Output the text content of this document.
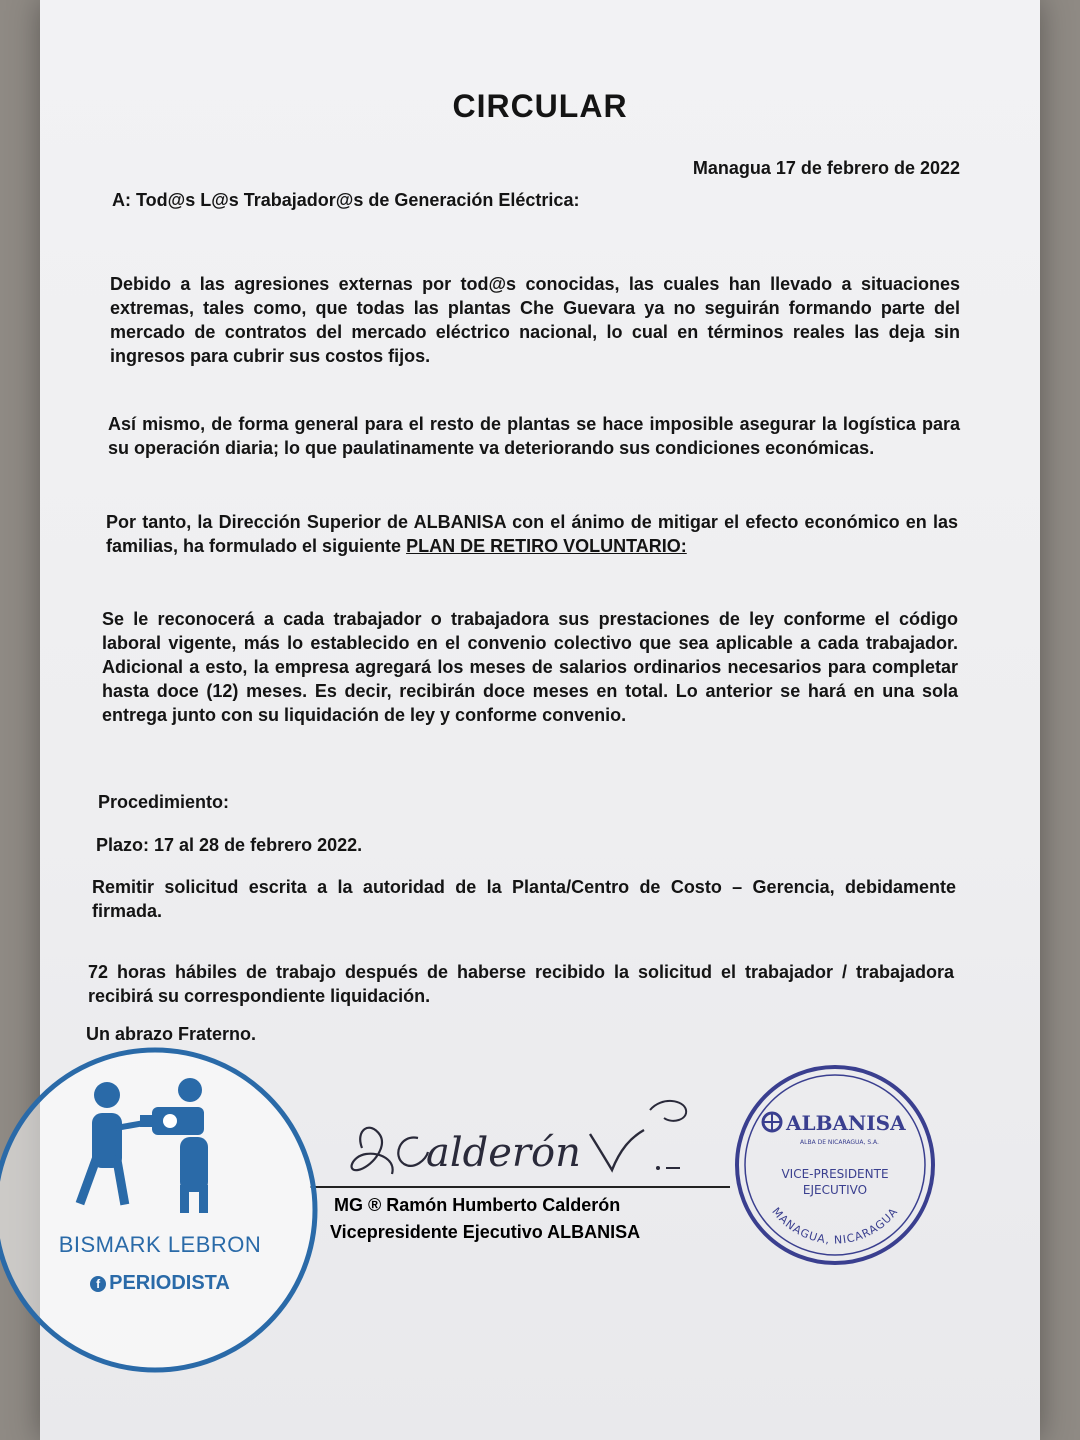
CIRCULAR
Managua 17 de febrero de 2022
A: Tod@s L@s Trabajador@s de Generación Eléctrica:

Debido a las agresiones externas por tod@s conocidas, las cuales han llevado a situaciones extremas, tales como, que todas las plantas Che Guevara ya no seguirán formando parte del mercado de contratos del mercado eléctrico nacional, lo cual en términos reales las deja sin ingresos para cubrir sus costos fijos.

Así mismo, de forma general para el resto de plantas se hace imposible asegurar la logística para su operación diaria; lo que paulatinamente va deteriorando sus condiciones económicas.

Por tanto, la Dirección Superior de ALBANISA con el ánimo de mitigar el efecto económico en las familias, ha formulado el siguiente PLAN DE RETIRO VOLUNTARIO:

Se le reconocerá a cada trabajador o trabajadora sus prestaciones de ley conforme el código laboral vigente, más lo establecido en el convenio colectivo que sea aplicable a cada trabajador. Adicional a esto, la empresa agregará los meses de salarios ordinarios necesarios para completar hasta doce (12) meses. Es decir, recibirán doce meses en total. Lo anterior se hará en una sola entrega junto con su liquidación de ley y conforme convenio.

Procedimiento:

Plazo: 17 al 28 de febrero 2022.

Remitir solicitud escrita a la autoridad de la Planta/Centro de Costo – Gerencia, debidamente firmada.

72 horas hábiles de trabajo después de haberse recibido la solicitud el trabajador / trabajadora recibirá su correspondiente liquidación.

Un abrazo Fraterno.

alderón
MG ® Ramón Humberto Calderón
Vicepresidente Ejecutivo ALBANISA
ALBANISA
ALBA DE NICARAGUA, S.A.
VICE-PRESIDENTE
EJECUTIVO
MANAGUA, NICARAGUA
BISMARK LEBRON
f PERIODISTA
